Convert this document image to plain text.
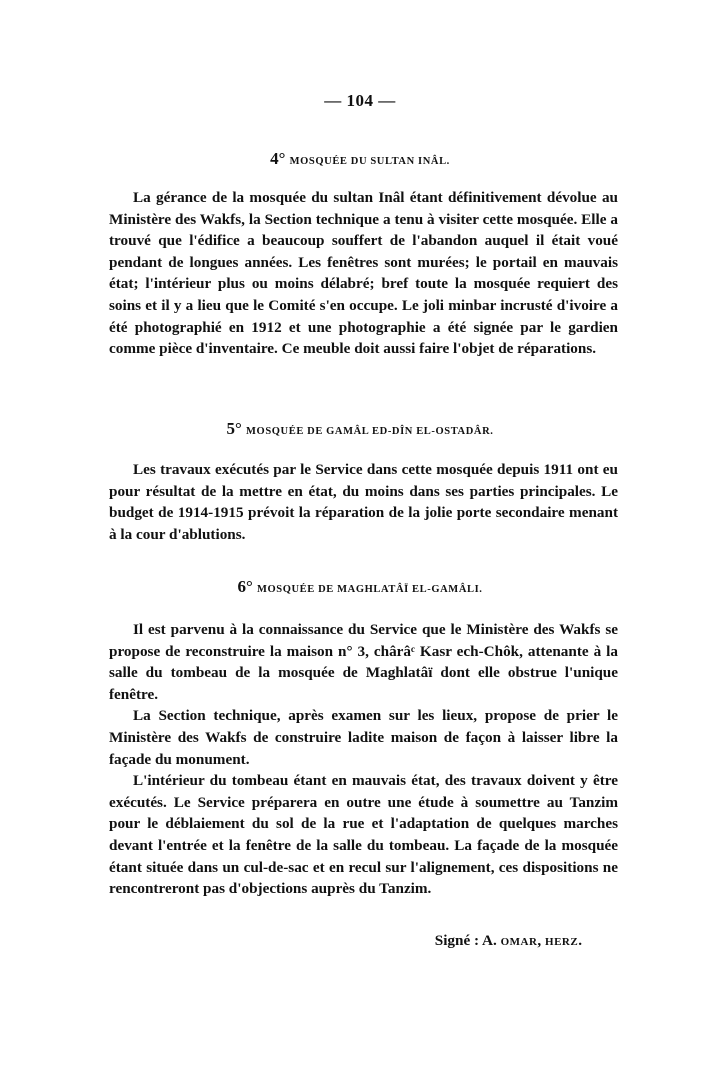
— 104 —
4° MOSQUÉE DU SULTAN INÂL.

La gérance de la mosquée du sultan Inâl étant définitivement dévolue au Ministère des Wakfs, la Section technique a tenu à visiter cette mosquée. Elle a trouvé que l'édifice a beaucoup souffert de l'abandon auquel il était voué pendant de longues années. Les fenêtres sont murées; le portail en mauvais état; l'intérieur plus ou moins délabré; bref toute la mosquée requiert des soins et il y a lieu que le Comité s'en occupe. Le joli minbar incrusté d'ivoire a été photographié en 1912 et une photographie a été signée par le gardien comme pièce d'inventaire. Ce meuble doit aussi faire l'objet de réparations.

5° MOSQUÉE DE GAMÂL ED-DÎN EL-OSTADÂR.

Les travaux exécutés par le Service dans cette mosquée depuis 1911 ont eu pour résultat de la mettre en état, du moins dans ses parties principales. Le budget de 1914-1915 prévoit la réparation de la jolie porte secondaire menant à la cour d'ablutions.

6° MOSQUÉE DE MAGHLATÂÏ EL-GAMÂLI.

Il est parvenu à la connaissance du Service que le Ministère des Wakfs se propose de reconstruire la maison n° 3, chârâᶜ Kasr ech-Chôk, attenante à la salle du tombeau de la mosquée de Maghlatâï dont elle obstrue l'unique fenêtre.

La Section technique, après examen sur les lieux, propose de prier le Ministère des Wakfs de construire ladite maison de façon à laisser libre la façade du monument.

L'intérieur du tombeau étant en mauvais état, des travaux doivent y être exécutés. Le Service préparera en outre une étude à soumettre au Tanzim pour le déblaiement du sol de la rue et l'adaptation de quelques marches devant l'entrée et la fenêtre de la salle du tombeau. La façade de la mosquée étant située dans un cul-de-sac et en recul sur l'alignement, ces dispositions ne rencontreront pas d'objections auprès du Tanzim.

Signé : A. OMAR, HERZ.
